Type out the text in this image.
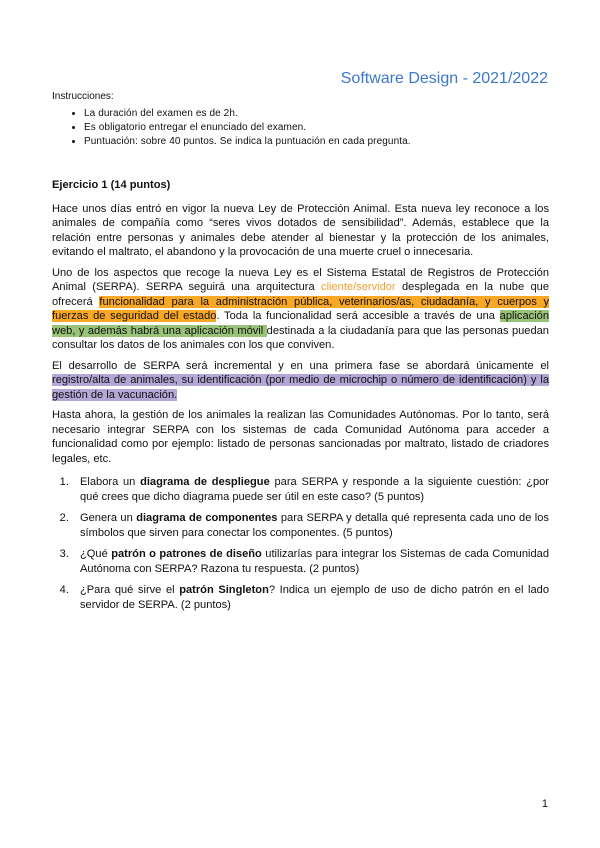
Software Design - 2021/2022

Instrucciones:

• La duración del examen es de 2h.
• Es obligatorio entregar el enunciado del examen.
• Puntuación: sobre 40 puntos. Se indica la puntuación en cada pregunta.
Ejercicio 1 (14 puntos)

Hace unos días entró en vigor la nueva Ley de Protección Animal. Esta nueva ley reconoce a los animales de compañía como “seres vivos dotados de sensibilidad”. Además, establece que la relación entre personas y animales debe atender al bienestar y la protección de los animales, evitando el maltrato, el abandono y la provocación de una muerte cruel o innecesaria.

Uno de los aspectos que recoge la nueva Ley es el Sistema Estatal de Registros de Protección Animal (SERPA). SERPA seguirá una arquitectura cliente/servidor desplegada en la nube que ofrecerá funcionalidad para la administración pública, veterinarios/as, ciudadanía, y cuerpos y fuerzas de seguridad del estado. Toda la funcionalidad será accesible a través de una aplicación web, y además habrá una aplicación móvil destinada a la ciudadanía para que las personas puedan consultar los datos de los animales con los que conviven.

El desarrollo de SERPA será incremental y en una primera fase se abordará únicamente el registro/alta de animales, su identificación (por medio de microchip o número de identificación) y la gestión de la vacunación.

Hasta ahora, la gestión de los animales la realizan las Comunidades Autónomas. Por lo tanto, será necesario integrar SERPA con los sistemas de cada Comunidad Autónoma para acceder a funcionalidad como por ejemplo: listado de personas sancionadas por maltrato, listado de criadores legales, etc.

1. Elabora un diagrama de despliegue para SERPA y responde a la siguiente cuestión: ¿por qué crees que dicho diagrama puede ser útil en este caso? (5 puntos)
2. Genera un diagrama de componentes para SERPA y detalla qué representa cada uno de los símbolos que sirven para conectar los componentes. (5 puntos)
3. ¿Qué patrón o patrones de diseño utilizarías para integrar los Sistemas de cada Comunidad Autónoma con SERPA? Razona tu respuesta. (2 puntos)
4. ¿Para qué sirve el patrón Singleton? Indica un ejemplo de uso de dicho patrón en el lado servidor de SERPA. (2 puntos)
1
